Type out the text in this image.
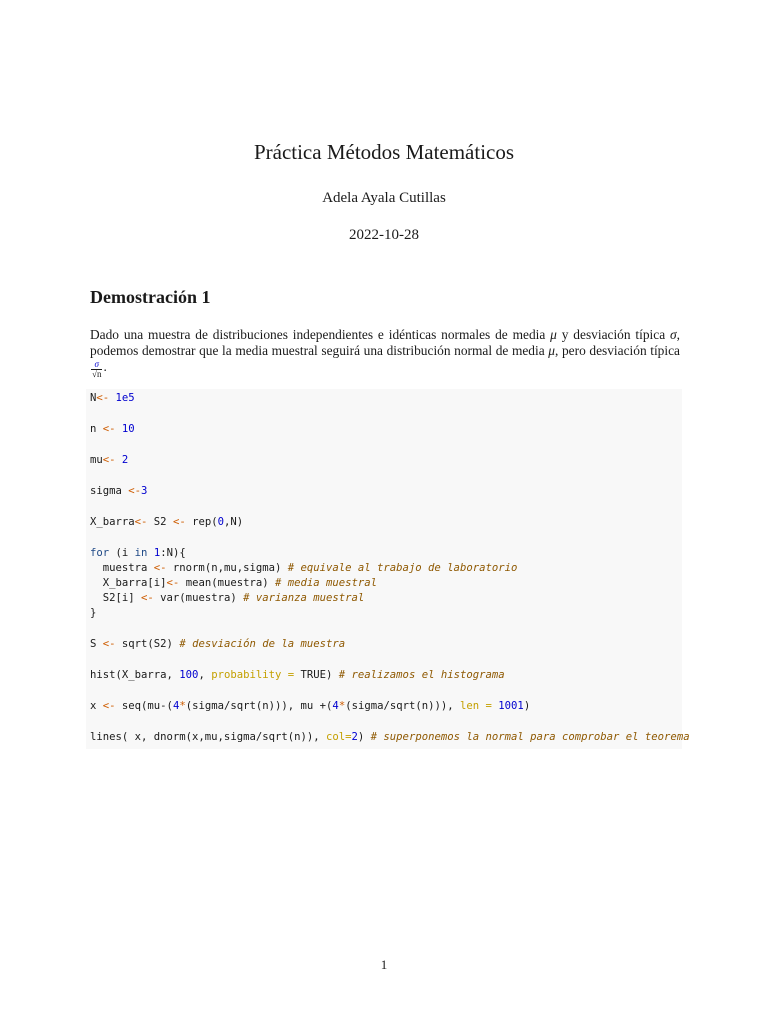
Práctica Métodos Matemáticos
Adela Ayala Cutillas
2022-10-28
Demostración 1
Dado una muestra de distribuciones independientes e idénticas normales de media μ y desviación típica σ, podemos demostrar que la media muestral seguirá una distribución normal de media μ, pero desviación típica
$\frac{\sigma}{√n}$ .
N<- 1e5
n <- 10
mu<- 2
sigma <-3
X_barra<- S2 <- rep(0,N)
for (i in 1:N){
muestra <- rnorm(n,mu,sigma) # equivale al trabajo de laboratorio
X_barra[i]<- mean(muestra) # media muestral
S2[i] <- var(muestra) # varianza muestral
}
S <- sqrt(S2) # desviación de la muestra
hist(X_barra, 100, probability = TRUE) # realizamos el histograma
x <- seq(mu-(4*(sigma/sqrt(n))), mu +(4*(sigma/sqrt(n))), len = 1001)
lines( x, dnorm(x,mu,sigma/sqrt(n)), col=2) # superponemos la normal para comprobar el teorema
1
